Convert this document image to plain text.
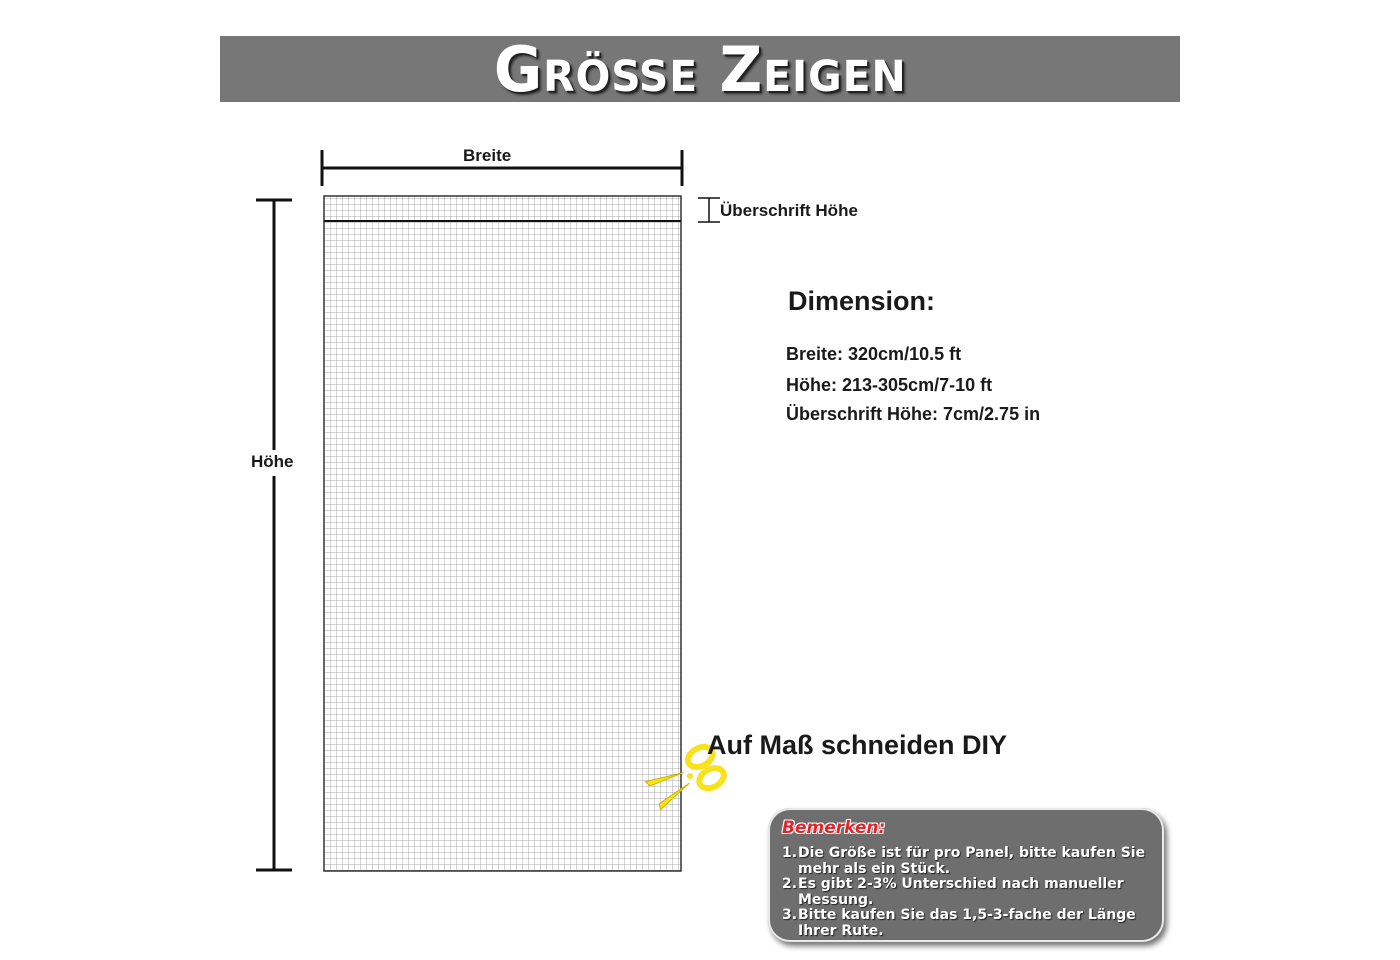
Größe Zeigen
Breite
Höhe
Überschrift Höhe
Dimension:
Breite: 320cm/10.5 ft
Höhe: 213-305cm/7-10 ft
Überschrift Höhe: 7cm/2.75 in
Auf Maß schneiden DIY
Bemerken:
1. Die Größe ist für pro Panel, bitte kaufen Sie mehr als ein Stück.
2. Es gibt 2-3% Unterschied nach manueller Messung.
3. Bitte kaufen Sie das 1,5-3-fache der Länge Ihrer Rute.
